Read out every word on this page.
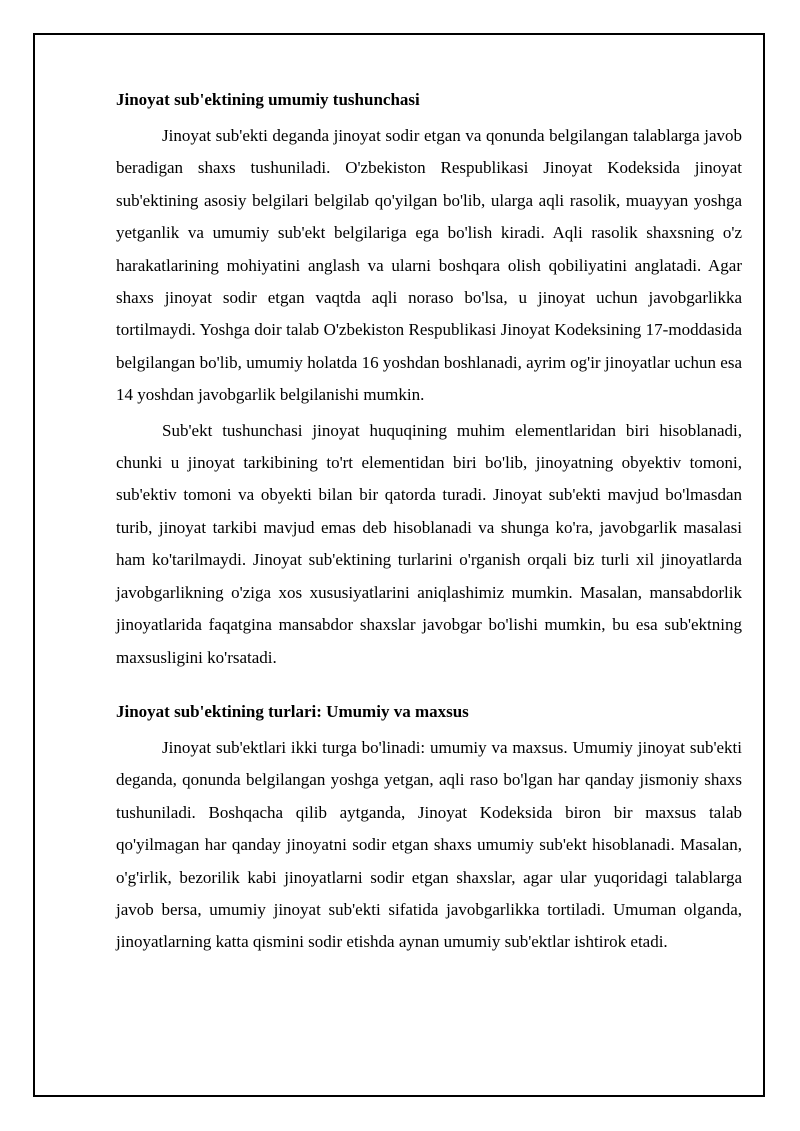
Jinoyat sub'ektining umumiy tushunchasi

Jinoyat sub'ekti deganda jinoyat sodir etgan va qonunda belgilangan talablarga javob beradigan shaxs tushuniladi. O'zbekiston Respublikasi Jinoyat Kodeksida jinoyat sub'ektining asosiy belgilari belgilab qo'yilgan bo'lib, ularga aqli rasolik, muayyan yoshga yetganlik va umumiy sub'ekt belgilariga ega bo'lish kiradi. Aqli rasolik shaxsning o'z harakatlarining mohiyatini anglash va ularni boshqara olish qobiliyatini anglatadi. Agar shaxs jinoyat sodir etgan vaqtda aqli noraso bo'lsa, u jinoyat uchun javobgarlikka tortilmaydi. Yoshga doir talab O'zbekiston Respublikasi Jinoyat Kodeksining 17-moddasida belgilangan bo'lib, umumiy holatda 16 yoshdan boshlanadi, ayrim og'ir jinoyatlar uchun esa 14 yoshdan javobgarlik belgilanishi mumkin.

Sub'ekt tushunchasi jinoyat huquqining muhim elementlaridan biri hisoblanadi, chunki u jinoyat tarkibining to'rt elementidan biri bo'lib, jinoyatning obyektiv tomoni, sub'ektiv tomoni va obyekti bilan bir qatorda turadi. Jinoyat sub'ekti mavjud bo'lmasdan turib, jinoyat tarkibi mavjud emas deb hisoblanadi va shunga ko'ra, javobgarlik masalasi ham ko'tarilmaydi. Jinoyat sub'ektining turlarini o'rganish orqali biz turli xil jinoyatlarda javobgarlikning o'ziga xos xususiyatlarini aniqlashimiz mumkin. Masalan, mansabdorlik jinoyatlarida faqatgina mansabdor shaxslar javobgar bo'lishi mumkin, bu esa sub'ektning maxsusligini ko'rsatadi.

Jinoyat sub'ektining turlari: Umumiy va maxsus

Jinoyat sub'ektlari ikki turga bo'linadi: umumiy va maxsus. Umumiy jinoyat sub'ekti deganda, qonunda belgilangan yoshga yetgan, aqli raso bo'lgan har qanday jismoniy shaxs tushuniladi. Boshqacha qilib aytganda, Jinoyat Kodeksida biron bir maxsus talab qo'yilmagan har qanday jinoyatni sodir etgan shaxs umumiy sub'ekt hisoblanadi. Masalan, o'g'irlik, bezorilik kabi jinoyatlarni sodir etgan shaxslar, agar ular yuqoridagi talablarga javob bersa, umumiy jinoyat sub'ekti sifatida javobgarlikka tortiladi. Umuman olganda, jinoyatlarning katta qismini sodir etishda aynan umumiy sub'ektlar ishtirok etadi.
